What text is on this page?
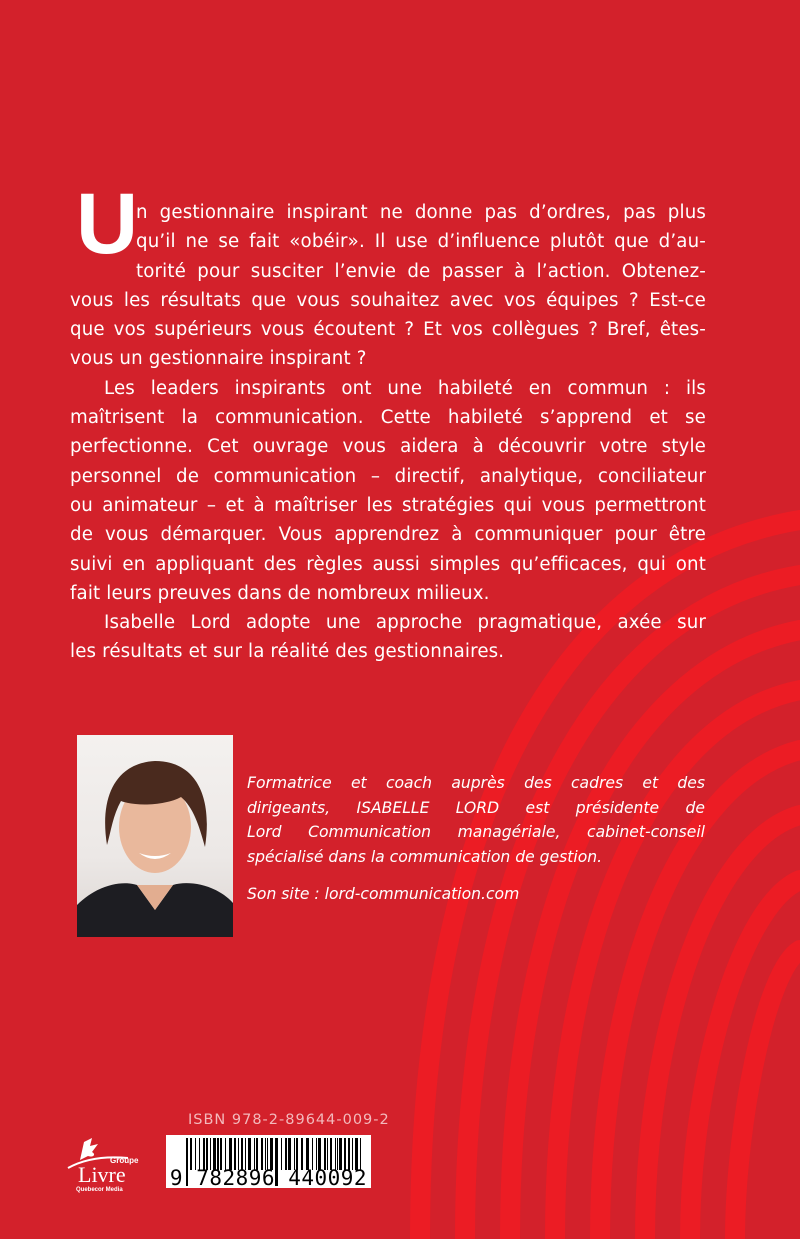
U
n gestionnaire inspirant ne donne pas d’ordres, pas plus
qu’il ne se fait «obéir». Il use d’influence plutôt que d’au-
torité pour susciter l’envie de passer à l’action. Obtenez-
vous les résultats que vous souhaitez avec vos équipes ? Est-ce
que vos supérieurs vous écoutent ? Et vos collègues ? Bref, êtes-
vous un gestionnaire inspirant ?
Les leaders inspirants ont une habileté en commun : ils
maîtrisent la communication. Cette habileté s’apprend et se
perfectionne. Cet ouvrage vous aidera à découvrir votre style
personnel de communication – directif, analytique, conciliateur
ou animateur – et à maîtriser les stratégies qui vous permettront
de vous démarquer. Vous apprendrez à communiquer pour être
suivi en appliquant des règles aussi simples qu’efficaces, qui ont
fait leurs preuves dans de nombreux milieux.
Isabelle Lord adopte une approche pragmatique, axée sur
les résultats et sur la réalité des gestionnaires.
Formatrice et coach auprès des cadres et des
dirigeants, ISABELLE LORD est présidente de
Lord Communication managériale, cabinet-conseil
spécialisé dans la communication de gestion.
Son site : lord-communication.com
Groupe
Livre
Quebecor Media
ISBN 978-2-89644-009-2
9 782896 440092
